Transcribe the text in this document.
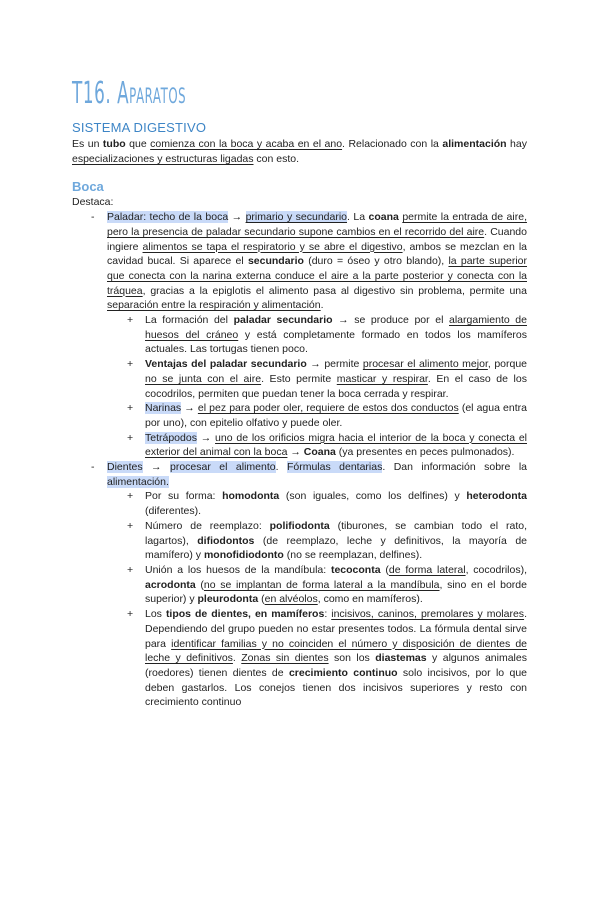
T16. Aparatos
SISTEMA DIGESTIVO

Es un tubo que comienza con la boca y acaba en el ano. Relacionado con la alimentación hay especializaciones y estructuras ligadas con esto.

Boca
Destaca:
- Paladar: techo de la boca → primario y secundario. La coana permite la entrada de aire, pero la presencia de paladar secundario supone cambios en el recorrido del aire. Cuando ingiere alimentos se tapa el respiratorio y se abre el digestivo, ambos se mezclan en la cavidad bucal. Si aparece el secundario (duro = óseo y otro blando), la parte superior que conecta con la narina externa conduce el aire a la parte posterior y conecta con la tráquea, gracias a la epiglotis el alimento pasa al digestivo sin problema, permite una separación entre la respiración y alimentación.
+ La formación del paladar secundario → se produce por el alargamiento de huesos del cráneo y está completamente formado en todos los mamíferos actuales. Las tortugas tienen poco.
+ Ventajas del paladar secundario → permite procesar el alimento mejor, porque no se junta con el aire. Esto permite masticar y respirar. En el caso de los cocodrilos, permiten que puedan tener la boca cerrada y respirar.
+ Narinas → el pez para poder oler, requiere de estos dos conductos (el agua entra por uno), con epitelio olfativo y puede oler.
+ Tetrápodos → uno de los orificios migra hacia el interior de la boca y conecta el exterior del animal con la boca → Coana (ya presentes en peces pulmonados).
- Dientes → procesar el alimento. Fórmulas dentarias. Dan información sobre la alimentación.
+ Por su forma: homodonta (son iguales, como los delfines) y heterodonta (diferentes).
+ Número de reemplazo: polifiodonta (tiburones, se cambian todo el rato, lagartos), difiodontos (de reemplazo, leche y definitivos, la mayoría de mamífero) y monofidiodonto (no se reemplazan, delfines).
+ Unión a los huesos de la mandíbula: tecoconta (de forma lateral, cocodrilos), acrodonta (no se implantan de forma lateral a la mandíbula, sino en el borde superior) y pleurodonta (en alvéolos, como en mamíferos).
+ Los tipos de dientes, en mamíferos: incisivos, caninos, premolares y molares. Dependiendo del grupo pueden no estar presentes todos. La fórmula dental sirve para identificar familias y no coinciden el número y disposición de dientes de leche y definitivos. Zonas sin dientes son los diastemas y algunos animales (roedores) tienen dientes de crecimiento continuo solo incisivos, por lo que deben gastarlos. Los conejos tienen dos incisivos superiores y resto con crecimiento continuo
